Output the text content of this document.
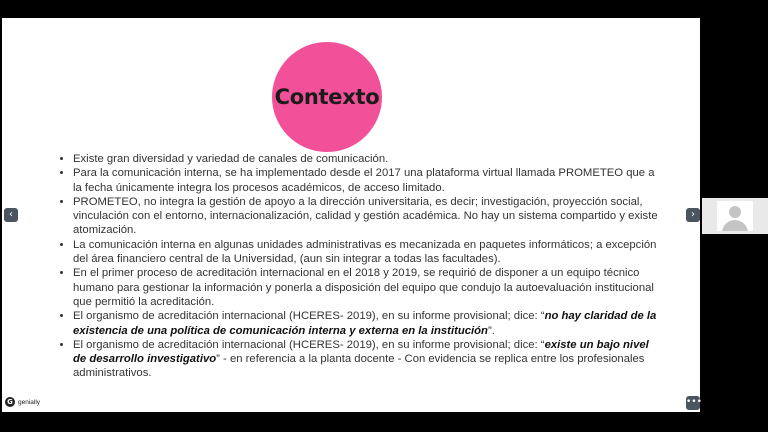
Contexto
• Existe gran diversidad y variedad de canales de comunicación.
• Para la comunicación interna, se ha implementado desde el 2017 una plataforma virtual llamada PROMETEO que a la fecha únicamente integra los procesos académicos, de acceso limitado.
• PROMETEO, no integra la gestión de apoyo a la dirección universitaria, es decir; investigación, proyección social, vinculación con el entorno, internacionalización, calidad y gestión académica. No hay un sistema compartido y existe atomización.
• La comunicación interna en algunas unidades administrativas es mecanizada en paquetes informáticos; a excepción del área financiero central de la Universidad, (aun sin integrar a todas las facultades).
• En el primer proceso de acreditación internacional en el 2018 y 2019, se requirió de disponer a un equipo técnico humano para gestionar la información y ponerla a disposición del equipo que condujo la autoevaluación institucional que permitió la acreditación.
• El organismo de acreditación internacional (HCERES- 2019), en su informe provisional; dice: “no hay claridad de la existencia de una política de comunicación interna y externa en la institución”.
• El organismo de acreditación internacional (HCERES- 2019), en su informe provisional; dice: “existe un bajo nivel de desarrollo investigativo” - en referencia a la planta docente - Con evidencia se replica entre los profesionales administrativos.
‹	›
•••
G genially
